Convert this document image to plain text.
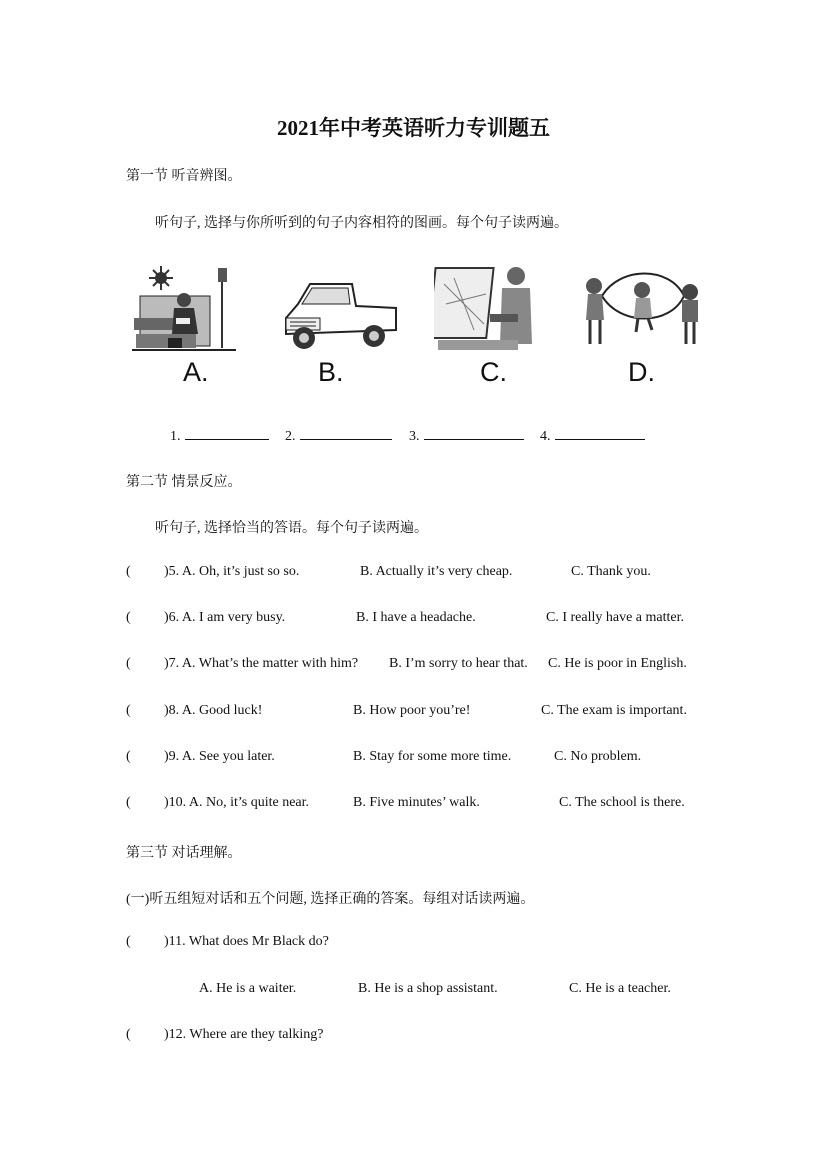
2021年中考英语听力专训题五
第一节 听音辨图。
听句子, 选择与你所听到的句子内容相符的图画。每个句子读两遍。
A.	B.	C.	D.
1.	2.	3.	4.
第二节 情景反应。
听句子, 选择恰当的答语。每个句子读两遍。
( )5. A. Oh, it’s just so so.	B. Actually it’s very cheap.	C. Thank you.
( )6. A. I am very busy.	B. I have a headache.	C. I really have a matter.
( )7. A. What’s the matter with him? B. I’m sorry to hear that. C. He is poor in English.
( )8. A. Good luck!	B. How poor you’re!	C. The exam is important.
( )9. A. See you later.	B. Stay for some more time.	C. No problem.
( )10. A. No, it’s quite near.	B. Five minutes’ walk.	C. The school is there.
第三节 对话理解。
(一)听五组短对话和五个问题, 选择正确的答案。每组对话读两遍。
( )11. What does Mr Black do?
A. He is a waiter.	B. He is a shop assistant.	C. He is a teacher.
( )12. Where are they talking?
